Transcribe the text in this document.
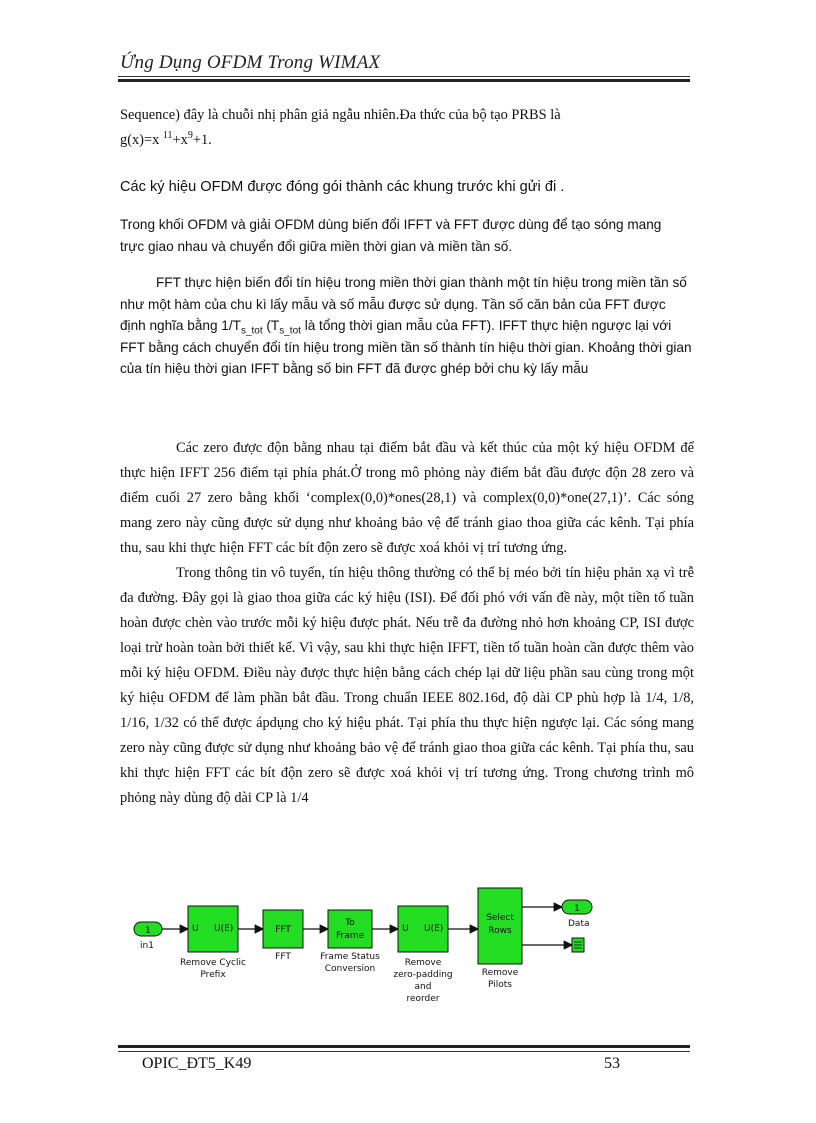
Ứng Dụng OFDM Trong WIMAX
Sequence) đây là chuỗi nhị phân giả ngẫu nhiên.Đa thức của bộ tạo PRBS là
g(x)=x $^{11}+x^9+1$.
Các ký hiệu OFDM được đóng gói thành các khung trước khi gửi đi .
Trong khối OFDM và giải OFDM dùng biến đổi IFFT và FFT được dùng để tạo sóng mang trực giao nhau và chuyển đổi giữa miền thời gian và miền tần số.
FFT thực hiện biến đổi tín hiệu trong miền thời gian thành một tín hiệu trong miền tần số như một hàm của chu kì lấy mẫu và số mẫu được sử dụng. Tần số căn bản của FFT được định nghĩa bằng $1/T_{s\_tot}$ ($T_{s\_tot}$ là tổng thời gian mẫu của FFT). IFFT thực hiện ngược lại với FFT bằng cách chuyển đổi tín hiệu trong miền tần số thành tín hiệu thời gian. Khoảng thời gian của tín hiệu thời gian IFFT bằng số bin FFT đã được ghép bởi chu kỳ lấy mẫu
Các zero được độn bằng nhau tại điểm bắt đầu và kết thúc của một ký hiệu OFDM để thực hiện IFFT 256 điểm tại phía phát.Ở trong mô phỏng này điểm bắt đầu được độn 28 zero và điểm cuối 27 zero bằng khối ‘complex(0,0)*ones(28,1) và complex(0,0)*one(27,1)’. Các sóng mang zero này cũng được sử dụng như khoảng bảo vệ để tránh giao thoa giữa các kênh. Tại phía thu, sau khi thực hiện FFT các bít độn zero sẽ được xoá khỏi vị trí tương ứng.
Trong thông tin vô tuyến, tín hiệu thông thường có thể bị méo bởi tín hiệu phản xạ vì trễ đa đường. Đây gọi là giao thoa giữa các ký hiệu (ISI). Để đối phó với vấn đề này, một tiền tố tuần hoàn được chèn vào trước mỗi ký hiệu được phát. Nếu trễ đa đường nhỏ hơn khoảng CP, ISI được loại trừ hoàn toàn bởi thiết kế. Vì vậy, sau khi thực hiện IFFT, tiền tố tuần hoàn cần được thêm vào mỗi ký hiệu OFDM. Điều này được thực hiện bằng cách chép lại dữ liệu phần sau cùng trong một ký hiệu OFDM để làm phần bắt đầu. Trong chuẩn IEEE 802.16d, độ dài CP phù hợp là 1/4, 1/8, 1/16, 1/32 có thể được ápdụng cho ký hiệu phát. Tại phía thu thực hiện ngược lại. Các sóng mang zero này cũng được sử dụng như khoảng bảo vệ để tránh giao thoa giữa các kênh. Tại phía thu, sau khi thực hiện FFT các bít độn zero sẽ được xoá khỏi vị trí tương ứng. Trong chương trình mô phỏng này dùng độ dài CP là 1/4
1
in1
U U(E)
Remove Cyclic
Prefix
FFT
FFT
To
Frame
Frame Status
Conversion
U U(E)
Remove
zero-padding
and
reorder
Select
Rows
Remove
Pilots
1
Data
OPIC_ĐT5_K49	53
